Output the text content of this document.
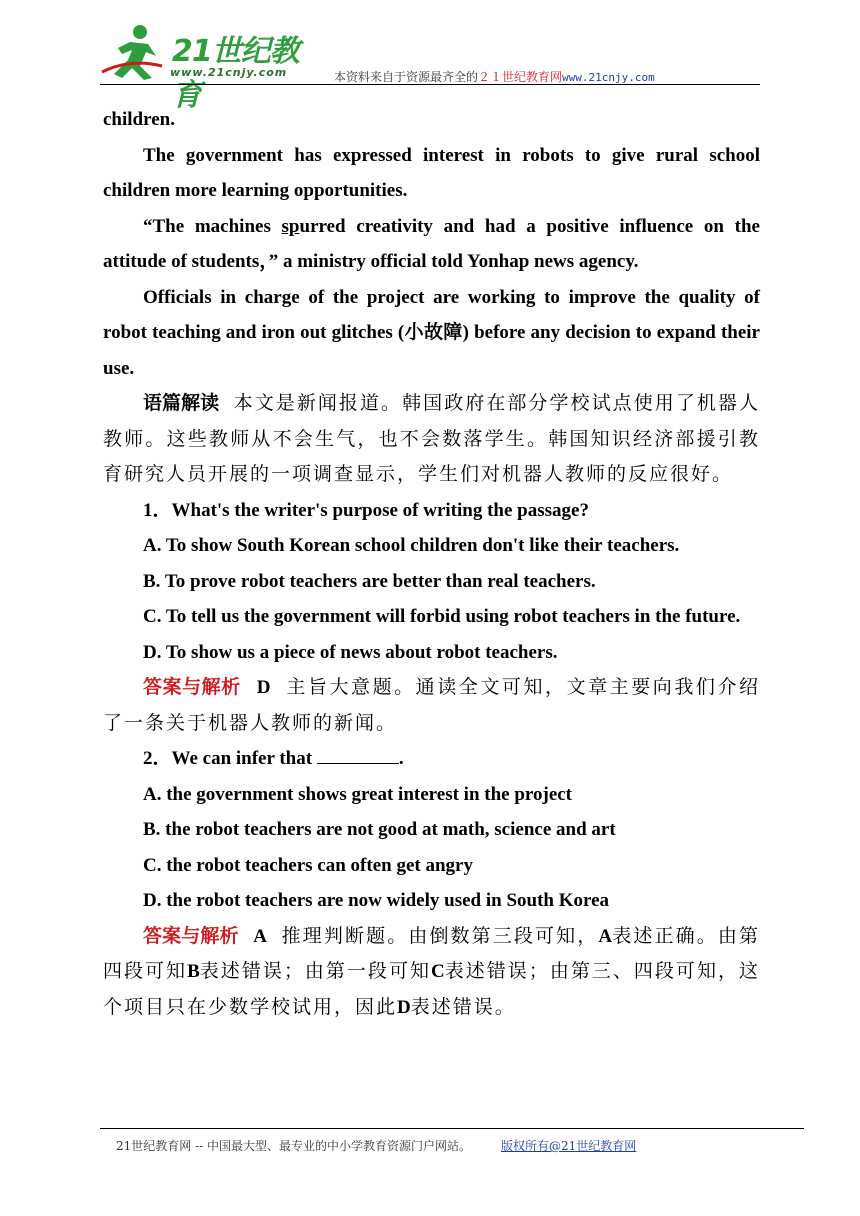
21世纪教育
www.21cnjy.com	本资料来自于资源最齐全的２１世纪教育网www.21cnjy.com

children.

The government has expressed interest in robots to give rural school children more learning opportunities.

“The machines spurred creativity and had a positive influence on the attitude of students，” a ministry official told Yonhap news agency.

Officials in charge of the project are working to improve the quality of robot teaching and iron out glitches (小故障) before any decision to expand their use.

语篇解读 本文是新闻报道。韩国政府在部分学校试点使用了机器人教师。这些教师从不会生气，也不会数落学生。韩国知识经济部援引教育研究人员开展的一项调查显示，学生们对机器人教师的反应很好。

1．What's the writer's purpose of writing the passage?

A. To show South Korean school children don't like their teachers.

B. To prove robot teachers are better than real teachers.

C. To tell us the government will forbid using robot teachers in the future.

D. To show us a piece of news about robot teachers.

答案与解析 D 主旨大意题。通读全文可知，文章主要向我们介绍了一条关于机器人教师的新闻。

2．We can infer that	.

A. the government shows great interest in the project

B. the robot teachers are not good at math, science and art

C. the robot teachers can often get angry

D. the robot teachers are now widely used in South Korea

答案与解析 A 推理判断题。由倒数第三段可知，A表述正确。由第四段可知B表述错误；由第一段可知C表述错误；由第三、四段可知，这个项目只在少数学校试用，因此D表述错误。

21世纪教育网 -- 中国最大型、最专业的中小学教育资源门户网站。	版权所有@21世纪教育网
